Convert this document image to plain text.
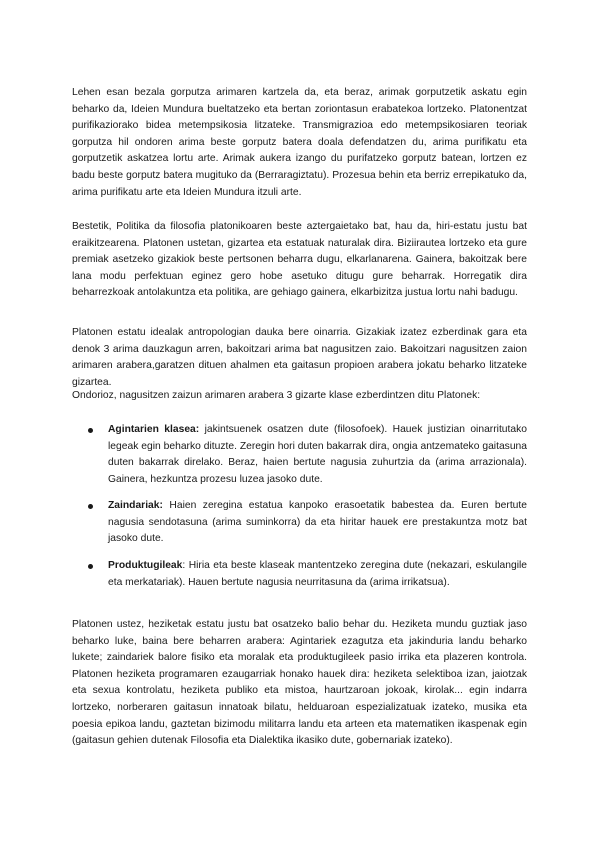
Lehen esan bezala gorputza arimaren kartzela da, eta beraz, arimak gorputzetik askatu egin beharko da, Ideien Mundura bueltatzeko eta bertan zoriontasun erabatekoa lortzeko. Platonentzat purifikaziorako bidea metempsikosia litzateke. Transmigrazioa edo metempsikosiaren teoriak gorputza hil ondoren arima beste gorputz batera doala defendatzen du, arima purifikatu eta gorputzetik askatzea lortu arte. Arimak aukera izango du purifatzeko gorputz batean, lortzen ez badu beste gorputz batera mugituko da (Berraragiztatu). Prozesua behin eta berriz errepikatuko da, arima purifikatu arte eta Ideien Mundura itzuli arte.

Bestetik, Politika da filosofia platonikoaren beste aztergaietako bat, hau da, hiri-estatu justu bat eraikitzearena. Platonen ustetan, gizartea eta estatuak naturalak dira. Biziirautea lortzeko eta gure premiak asetzeko gizakiok beste pertsonen beharra dugu, elkarlanarena. Gainera, bakoitzak bere lana modu perfektuan eginez gero hobe asetuko ditugu gure beharrak. Horregatik dira beharrezkoak antolakuntza eta politika, are gehiago gainera, elkarbizitza justua lortu nahi badugu.

Platonen estatu idealak antropologian dauka bere oinarria. Gizakiak izatez ezberdinak gara eta denok 3 arima dauzkagun arren, bakoitzari arima bat nagusitzen zaio. Bakoitzari nagusitzen zaion arimaren arabera,garatzen dituen ahalmen eta gaitasun propioen arabera jokatu beharko litzateke gizartea.

Ondorioz, nagusitzen zaizun arimaren arabera 3 gizarte klase ezberdintzen ditu Platonek:

Agintarien klasea: jakintsuenek osatzen dute (filosofoek). Hauek justizian oinarritutako legeak egin beharko dituzte. Zeregin hori duten bakarrak dira, ongia antzemateko gaitasuna duten bakarrak direlako. Beraz, haien bertute nagusia zuhurtzia da (arima arrazionala). Gainera, hezkuntza prozesu luzea jasoko dute.
Zaindariak: Haien zeregina estatua kanpoko erasoetatik babestea da. Euren bertute nagusia sendotasuna (arima suminkorra) da eta hiritar hauek ere prestakuntza motz bat jasoko dute.
Produktugileak: Hiria eta beste klaseak mantentzeko zeregina dute (nekazari, eskulangile eta merkatariak). Hauen bertute nagusia neurritasuna da (arima irrikatsua).

Platonen ustez, heziketak estatu justu bat osatzeko balio behar du. Heziketa mundu guztiak jaso beharko luke, baina bere beharren arabera: Agintariek ezagutza eta jakinduria landu beharko lukete; zaindariek balore fisiko eta moralak eta produktugileek pasio irrika eta plazeren kontrola. Platonen heziketa programaren ezaugarriak honako hauek dira: heziketa selektiboa izan, jaiotzak eta sexua kontrolatu, heziketa publiko eta mistoa, haurtzaroan jokoak, kirolak... egin indarra lortzeko, norberaren gaitasun innatoak bilatu, helduaroan espezializatuak izateko, musika eta poesia epikoa landu, gaztetan bizimodu militarra landu eta arteen eta matematiken ikaspenak egin (gaitasun gehien dutenak Filosofia eta Dialektika ikasiko dute, gobernariak izateko).
